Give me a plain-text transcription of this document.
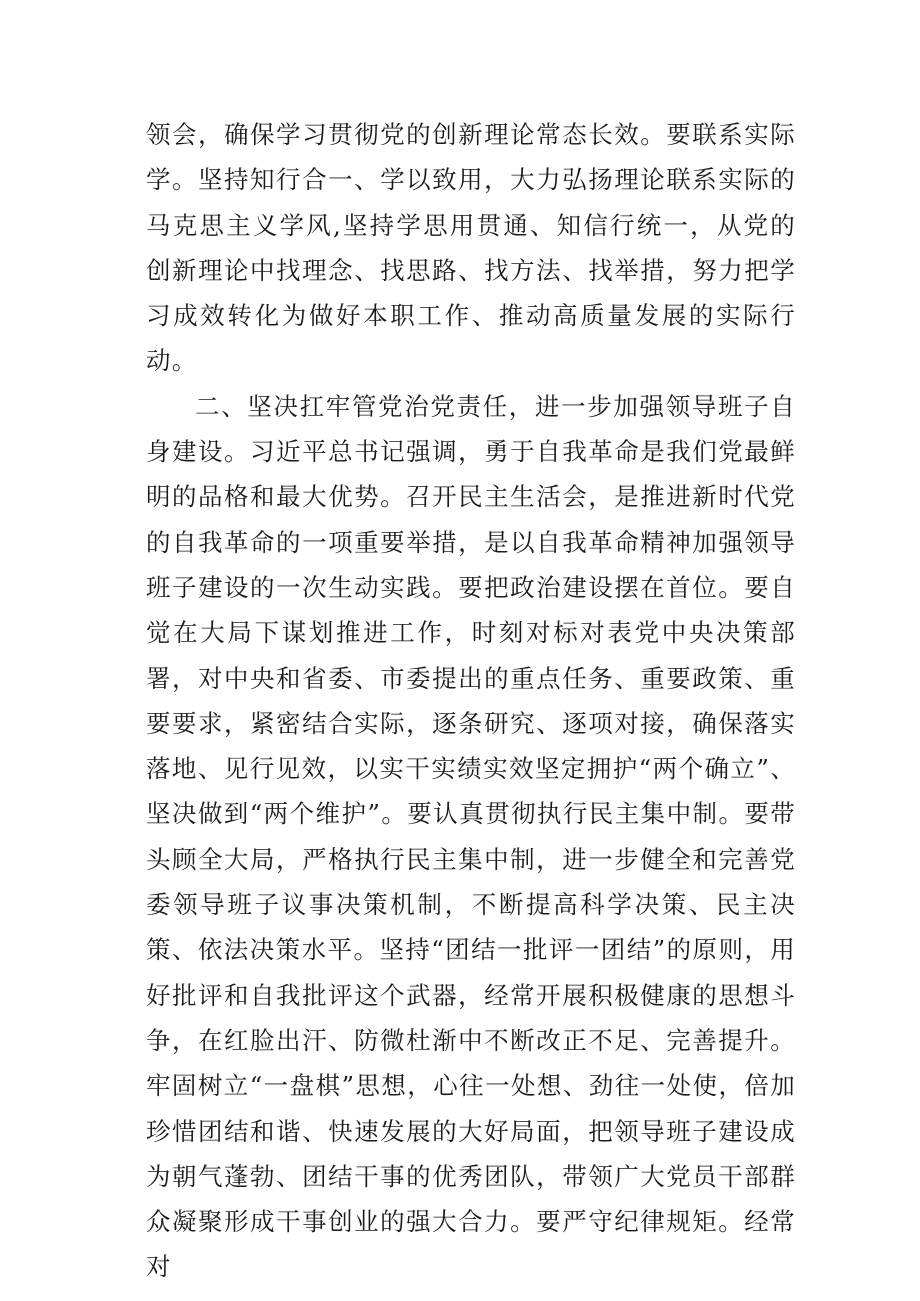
领会，确保学习贯彻党的创新理论常态长效。要联系实际学。坚持知行合一、学以致用，大力弘扬理论联系实际的马克思主义学风,坚持学思用贯通、知信行统一，从党的创新理论中找理念、找思路、找方法、找举措，努力把学习成效转化为做好本职工作、推动高质量发展的实际行动。

二、坚决扛牢管党治党责任，进一步加强领导班子自身建设。习近平总书记强调，勇于自我革命是我们党最鲜明的品格和最大优势。召开民主生活会，是推进新时代党的自我革命的一项重要举措，是以自我革命精神加强领导班子建设的一次生动实践。要把政治建设摆在首位。要自觉在大局下谋划推进工作，时刻对标对表党中央决策部署，对中央和省委、市委提出的重点任务、重要政策、重要要求，紧密结合实际，逐条研究、逐项对接，确保落实落地、见行见效，以实干实绩实效坚定拥护“两个确立”、坚决做到“两个维护”。要认真贯彻执行民主集中制。要带头顾全大局，严格执行民主集中制，进一步健全和完善党委领导班子议事决策机制，不断提高科学决策、民主决策、依法决策水平。坚持“团结一批评一团结”的原则，用好批评和自我批评这个武器，经常开展积极健康的思想斗争，在红脸出汗、防微杜渐中不断改正不足、完善提升。牢固树立“一盘棋”思想，心往一处想、劲往一处使，倍加珍惜团结和谐、快速发展的大好局面，把领导班子建设成为朝气蓬勃、团结干事的优秀团队，带领广大党员干部群众凝聚形成干事创业的强大合力。要严守纪律规矩。经常对
